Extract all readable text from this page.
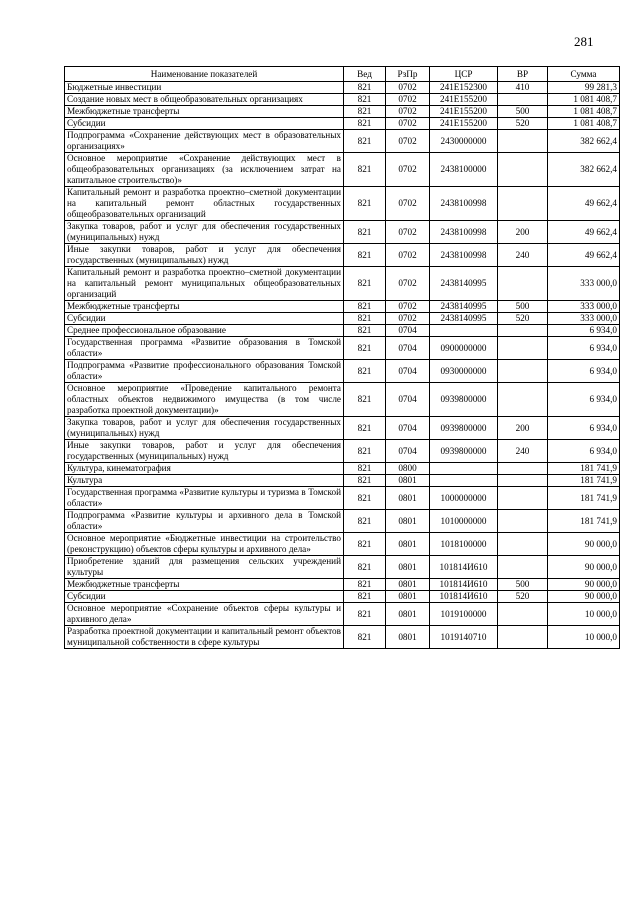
281
Наименование показателей	Вед	РзПр	ЦСР	ВР	Сумма
Бюджетные инвестиции	821	0702	241E152300	410	99 281,3
Создание новых мест в общеобразовательных организациях	821	0702	241E155200		1 081 408,7
Межбюджетные трансферты	821	0702	241E155200	500	1 081 408,7
Субсидии	821	0702	241E155200	520	1 081 408,7
Подпрограмма «Сохранение действующих мест в образовательных организациях»	821	0702	2430000000		382 662,4
Основное мероприятие «Сохранение действующих мест в общеобразовательных организациях (за исключением затрат на капитальное строительство)»	821	0702	2438100000		382 662,4
Капитальный ремонт и разработка проектно–сметной документации на капитальный ремонт областных государственных общеобразовательных организаций	821	0702	2438100998		49 662,4
Закупка товаров, работ и услуг для обеспечения государственных (муниципальных) нужд	821	0702	2438100998	200	49 662,4
Иные закупки товаров, работ и услуг для обеспечения государственных (муниципальных) нужд	821	0702	2438100998	240	49 662,4
Капитальный ремонт и разработка проектно–сметной документации на капитальный ремонт муниципальных общеобразовательных организаций	821	0702	2438140995		333 000,0
Межбюджетные трансферты	821	0702	2438140995	500	333 000,0
Субсидии	821	0702	2438140995	520	333 000,0
Среднее профессиональное образование	821	0704			6 934,0
Государственная программа «Развитие образования в Томской области»	821	0704	0900000000		6 934,0
Подпрограмма «Развитие профессионального образования Томской области»	821	0704	0930000000		6 934,0
Основное мероприятие «Проведение капитального ремонта областных объектов недвижимого имущества (в том числе разработка проектной документации)»	821	0704	0939800000		6 934,0
Закупка товаров, работ и услуг для обеспечения государственных (муниципальных) нужд	821	0704	0939800000	200	6 934,0
Иные закупки товаров, работ и услуг для обеспечения государственных (муниципальных) нужд	821	0704	0939800000	240	6 934,0
Культура, кинематография	821	0800			181 741,9
Культура	821	0801			181 741,9
Государственная программа «Развитие культуры и туризма в Томской области»	821	0801	1000000000		181 741,9
Подпрограмма «Развитие культуры и архивного дела в Томской области»	821	0801	1010000000		181 741,9
Основное мероприятие «Бюджетные инвестиции на строительство (реконструкцию) объектов сферы культуры и архивного дела»	821	0801	1018100000		90 000,0
Приобретение зданий для размещения сельских учреждений культуры	821	0801	101814И610		90 000,0
Межбюджетные трансферты	821	0801	101814И610	500	90 000,0
Субсидии	821	0801	101814И610	520	90 000,0
Основное мероприятие «Сохранение объектов сферы культуры и архивного дела»	821	0801	1019100000		10 000,0
Разработка проектной документации и капитальный ремонт объектов муниципальной собственности в сфере культуры	821	0801	1019140710		10 000,0
